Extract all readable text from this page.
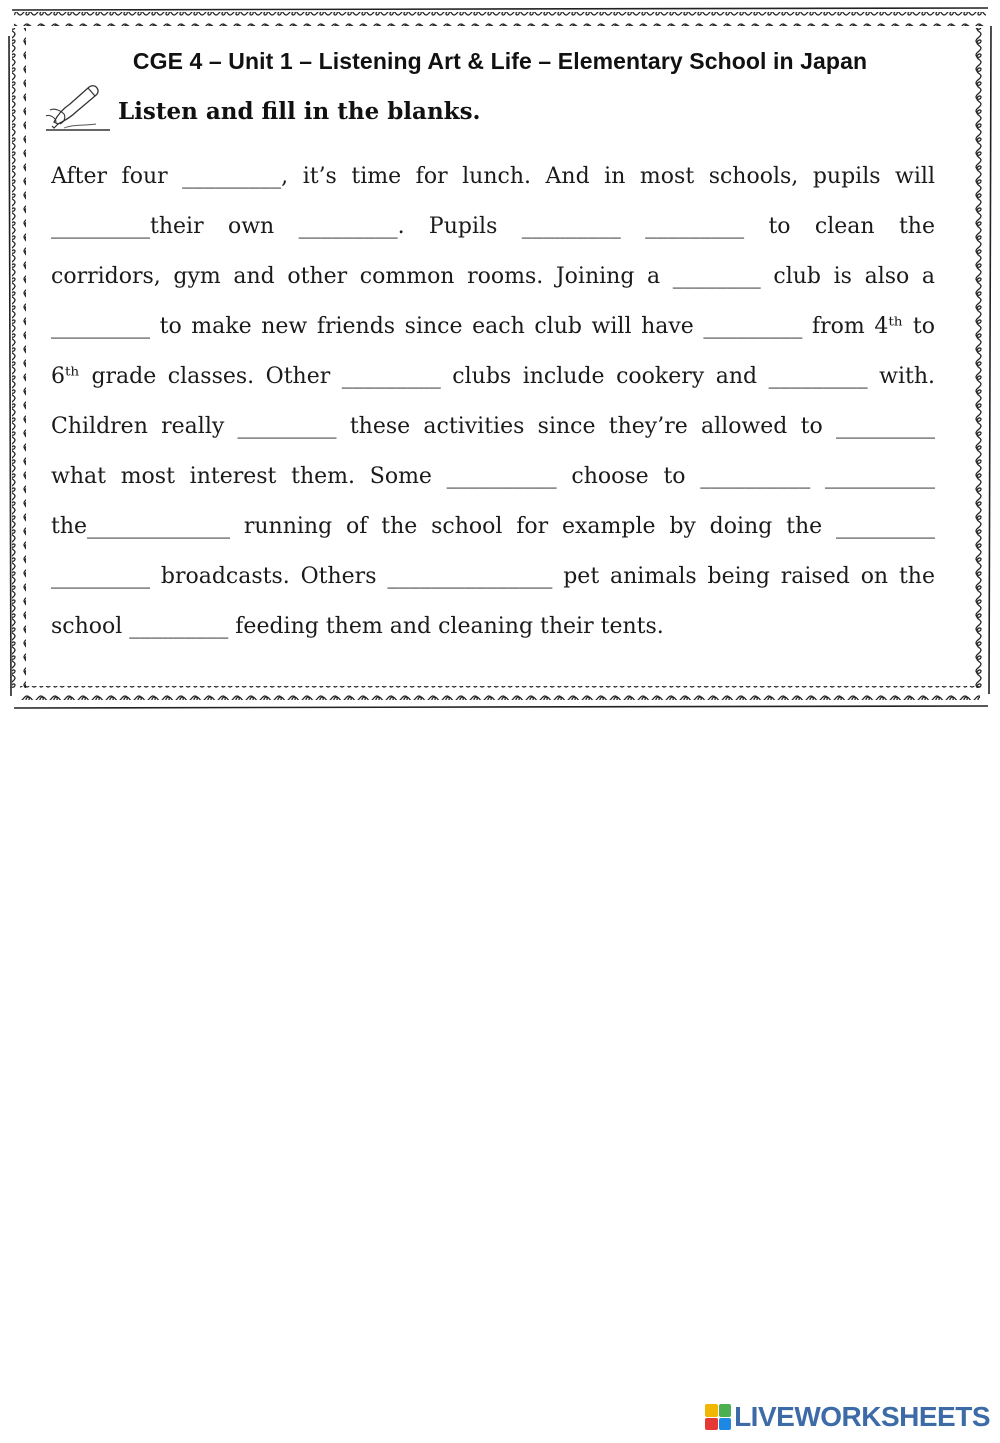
CGE 4 – Unit 1 – Listening Art & Life – Elementary School in Japan
Listen and fill in the blanks.
After four _________, it’s time for lunch. And in most schools, pupils will
_________their own _________. Pupils _________ _________ to clean the
corridors, gym and other common rooms. Joining a ________ club is also a
_________ to make new friends since each club will have _________ from 4ᵗʰ to
6ᵗʰ grade classes. Other _________ clubs include cookery and _________ with.
Children really _________ these activities since they’re allowed to _________
what most interest them. Some __________ choose to __________ __________
the_____________ running of the school for example by doing the _________
_________ broadcasts. Others _______________ pet animals being raised on the
school _________ feeding them and cleaning their tents.
LIVEWORKSHEETS
